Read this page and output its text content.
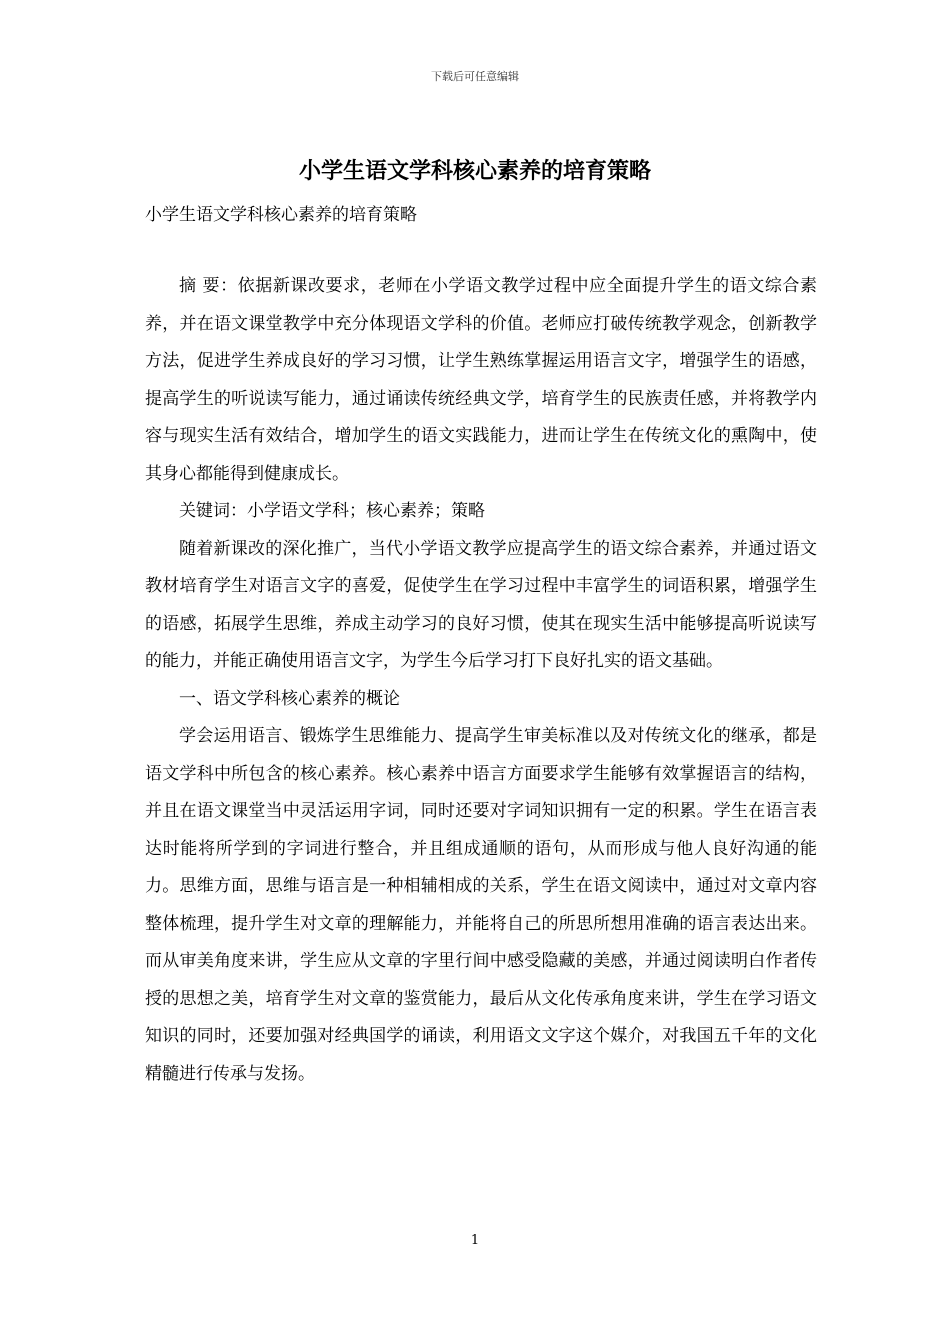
下载后可任意编辑
小学生语文学科核心素养的培育策略
小学生语文学科核心素养的培育策略

摘 要：依据新课改要求，老师在小学语文教学过程中应全面提升学生的语文综合素养，并在语文课堂教学中充分体现语文学科的价值。老师应打破传统教学观念，创新教学方法，促进学生养成良好的学习习惯，让学生熟练掌握运用语言文字，增强学生的语感，提高学生的听说读写能力，通过诵读传统经典文学，培育学生的民族责任感，并将教学内容与现实生活有效结合，增加学生的语文实践能力，进而让学生在传统文化的熏陶中，使其身心都能得到健康成长。

关键词：小学语文学科；核心素养；策略

随着新课改的深化推广，当代小学语文教学应提高学生的语文综合素养，并通过语文教材培育学生对语言文字的喜爱，促使学生在学习过程中丰富学生的词语积累，增强学生的语感，拓展学生思维，养成主动学习的良好习惯，使其在现实生活中能够提高听说读写的能力，并能正确使用语言文字，为学生今后学习打下良好扎实的语文基础。

一、语文学科核心素养的概论

学会运用语言、锻炼学生思维能力、提高学生审美标准以及对传统文化的继承，都是语文学科中所包含的核心素养。核心素养中语言方面要求学生能够有效掌握语言的结构，并且在语文课堂当中灵活运用字词，同时还要对字词知识拥有一定的积累。学生在语言表达时能将所学到的字词进行整合，并且组成通顺的语句，从而形成与他人良好沟通的能力。思维方面，思维与语言是一种相辅相成的关系，学生在语文阅读中，通过对文章内容整体梳理，提升学生对文章的理解能力，并能将自己的所思所想用准确的语言表达出来。而从审美角度来讲，学生应从文章的字里行间中感受隐藏的美感，并通过阅读明白作者传授的思想之美，培育学生对文章的鉴赏能力，最后从文化传承角度来讲，学生在学习语文知识的同时，还要加强对经典国学的诵读，利用语文文字这个媒介，对我国五千年的文化精髓进行传承与发扬。

1
